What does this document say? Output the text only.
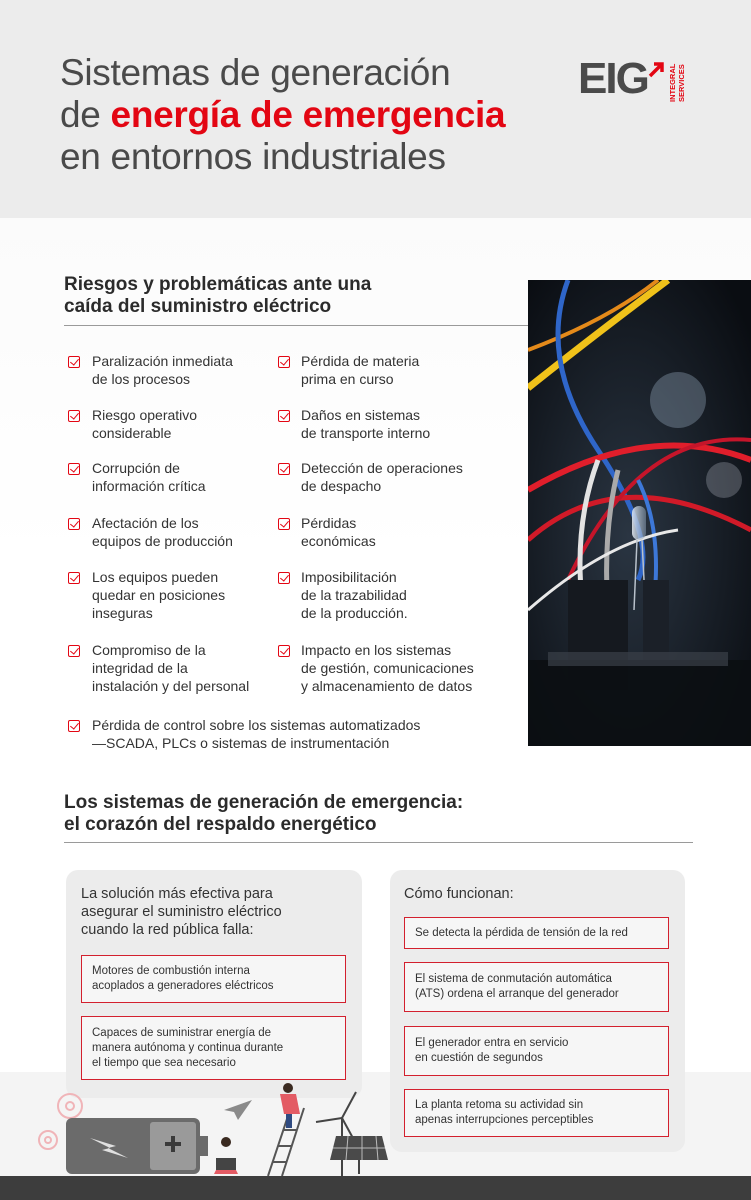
Sistemas de generación
de energía de emergencia
en entornos industriales
EIG	INTEGRAL
SERVICES
Riesgos y problemáticas ante una
caída del suministro eléctrico
Paralización inmediata
de los procesos
Riesgo operativo
considerable
Corrupción de
información crítica
Afectación de los
equipos de producción
Los equipos pueden
quedar en posiciones
inseguras
Compromiso de la
integridad de la
instalación y del personal
Pérdida de materia
prima en curso
Daños en sistemas
de transporte interno
Detección de operaciones
de despacho
Pérdidas
económicas
Imposibilitación
de la trazabilidad
de la producción.
Impacto en los sistemas
de gestión, comunicaciones
y almacenamiento de datos
Pérdida de control sobre los sistemas automatizados
—SCADA, PLCs o sistemas de instrumentación
Los sistemas de generación de emergencia:
el corazón del respaldo energético
La solución más efectiva para
asegurar el suministro eléctrico
cuando la red pública falla:
Motores de combustión interna
acoplados a generadores eléctricos
Capaces de suministrar energía de
manera autónoma y continua durante
el tiempo que sea necesario
Cómo funcionan:
Se detecta la pérdida de tensión de la red
El sistema de conmutación automática
(ATS) ordena el arranque del generador
El generador entra en servicio
en cuestión de segundos
La planta retoma su actividad sin
apenas interrupciones perceptibles
